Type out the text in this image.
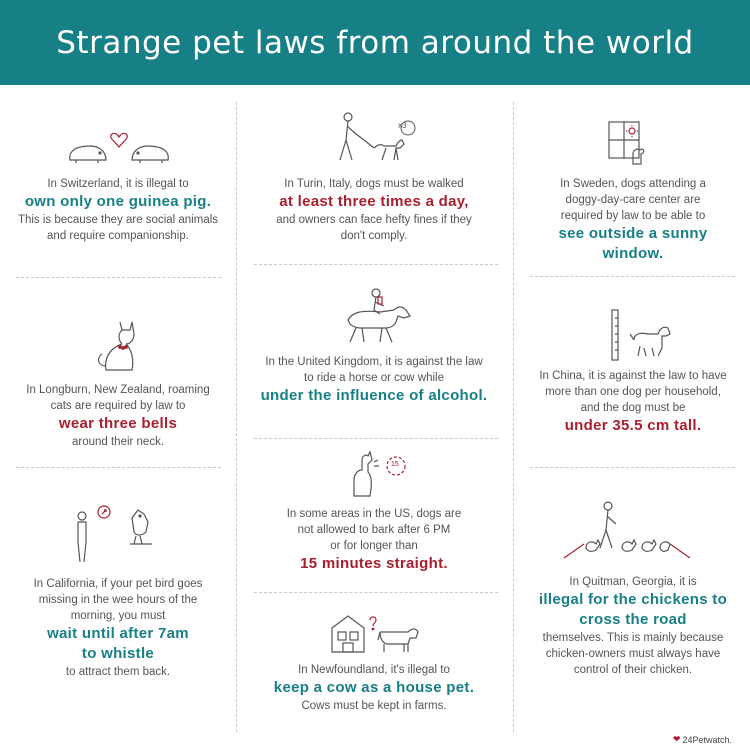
Strange pet laws from around the world
In Switzerland, it is illegal to
own only one guinea pig.
This is because they are social animals
and require companionship.
x3
In Turin, Italy, dogs must be walked
at least three times a day,
and owners can face hefty fines if they
don't comply.
In Sweden, dogs attending a
doggy-day-care center are
required by law to be able to
see outside a sunny
window.
In Longburn, New Zealand, roaming
cats are required by law to
wear three bells
around their neck.
In the United Kingdom, it is against the law
to ride a horse or cow while
under the influence of alcohol.
In China, it is against the law to have
more than one dog per household,
and the dog must be
under 35.5 cm tall.
In California, if your pet bird goes
missing in the wee hours of the
morning, you must
wait until after 7am
to whistle
to attract them back.
15
In some areas in the US, dogs are
not allowed to bark after 6 PM
or for longer than
15 minutes straight.
In Newfoundland, it's illegal to
keep a cow as a house pet.
Cows must be kept in farms.
In Quitman, Georgia, it is
illegal for the chickens to
cross the road
themselves. This is mainly because
chicken-owners must always have
control of their chicken.
❤ 24Petwatch.
